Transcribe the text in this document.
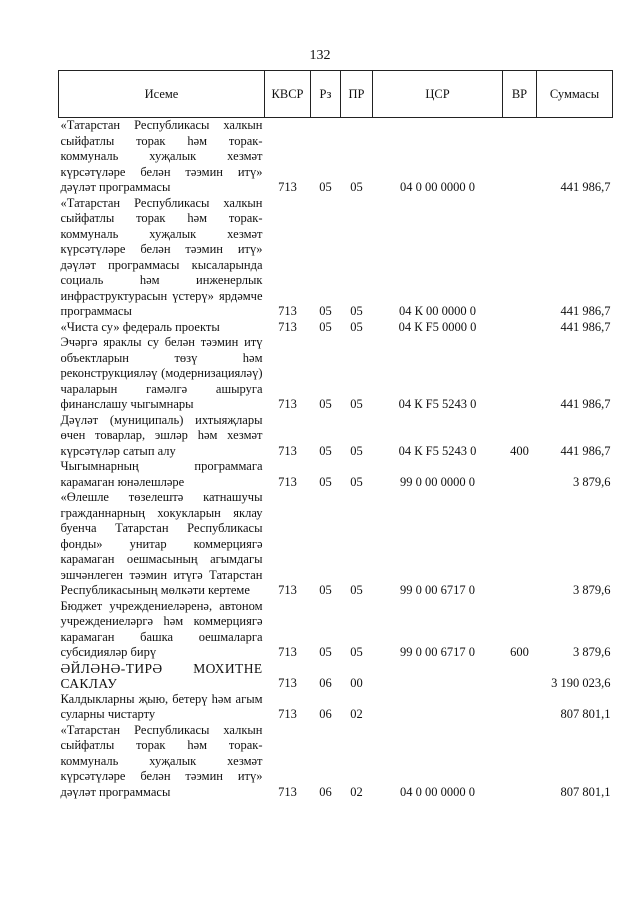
132
Исеме	КВСР	Рз	ПР	ЦСР	ВР	Суммасы
«Татарстан Республикасы халкын сыйфатлы торак һәм торак-коммуналь хуҗалык хезмәт күрсәтүләре белән тәэмин итү» дәүләт программасы	713	05	05	04 0 00 0000 0		441 986,7
«Татарстан Республикасы халкын сыйфатлы торак һәм торак-коммуналь хуҗалык хезмәт күрсәтүләре белән тәэмин итү» дәүләт программасы кысаларында социаль һәм инженерлык инфраструктурасын үстерү» ярдәмче программасы	713	05	05	04 К 00 0000 0		441 986,7
«Чиста су» федераль проекты	713	05	05	04 К F5 0000 0		441 986,7
Эчәргә яраклы су белән тәэмин итү объектларын төзү һәм реконструкцияләү (модернизацияләү) чараларын гамәлгә ашыруга финанслашу чыгымнары	713	05	05	04 К F5 5243 0		441 986,7
Дәүләт (муниципаль) ихтыяҗлары өчен товарлар, эшләр һәм хезмәт күрсәтүләр сатып алу	713	05	05	04 К F5 5243 0	400	441 986,7
Чыгымнарның программага карамаган юнәлешләре	713	05	05	99 0 00 0000 0		3 879,6
«Өлешле төзелештә катнашучы гражданнарның хокукларын яклау буенча Татарстан Республикасы фонды» унитар коммерциягә карамаган оешмасының агымдагы эшчәнлеген тәэмин итүгә Татарстан Республикасының мөлкәти кертеме	713	05	05	99 0 00 6717 0		3 879,6
Бюджет учреждениеләренә, автоном учреждениеләргә һәм коммерциягә карамаган башка оешмаларга субсидияләр бирү	713	05	05	99 0 00 6717 0	600	3 879,6
ӘЙЛӘНӘ-ТИРӘ МОХИТНЕ САКЛАУ	713	06	00			3 190 023,6
Калдыкларны җыю, бетерү һәм агым суларны чистарту	713	06	02			807 801,1
«Татарстан Республикасы халкын сыйфатлы торак һәм торак-коммуналь хуҗалык хезмәт күрсәтүләре белән тәэмин итү» дәүләт программасы	713	06	02	04 0 00 0000 0		807 801,1
